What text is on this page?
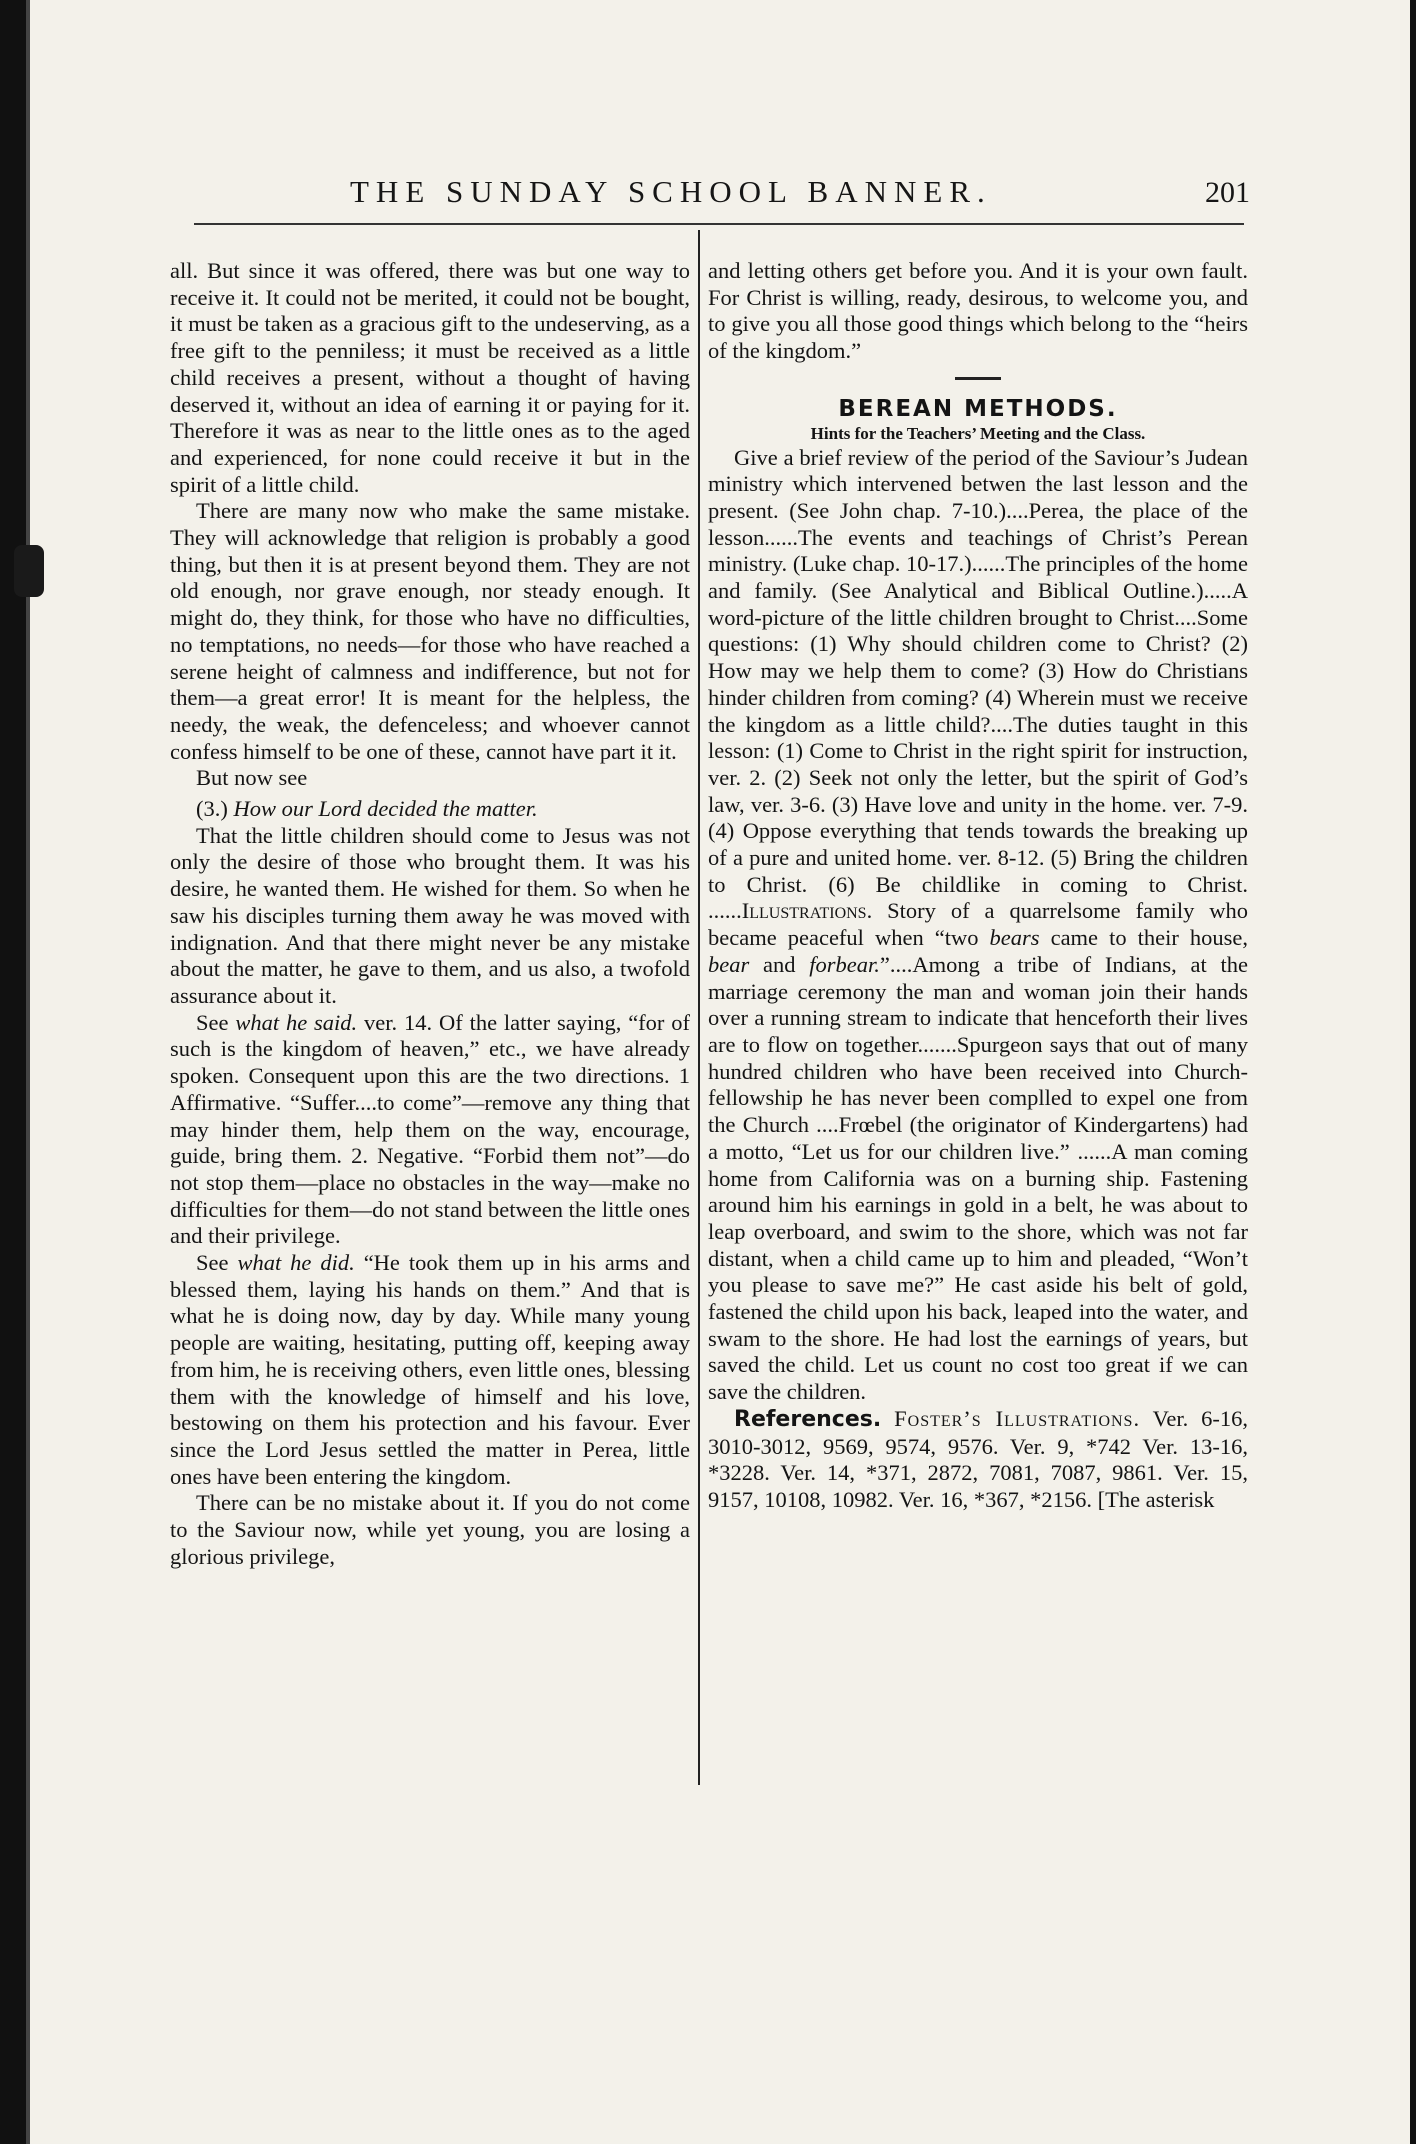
THE SUNDAY SCHOOL BANNER.	201

all. But since it was offered, there was but one way to receive it. It could not be merited, it could not be bought, it must be taken as a gracious gift to the undeserving, as a free gift to the penniless; it must be received as a little child receives a present, without a thought of having deserved it, without an idea of earning it or paying for it. Therefore it was as near to the little ones as to the aged and experienced, for none could receive it but in the spirit of a little child.

There are many now who make the same mistake. They will acknowledge that religion is probably a good thing, but then it is at present beyond them. They are not old enough, nor grave enough, nor steady enough. It might do, they think, for those who have no difficulties, no temptations, no needs—for those who have reached a serene height of calmness and indifference, but not for them—a great error! It is meant for the helpless, the needy, the weak, the defenceless; and whoever cannot confess himself to be one of these, cannot have part it it.

But now see

(3.) How our Lord decided the matter.

That the little children should come to Jesus was not only the desire of those who brought them. It was his desire, he wanted them. He wished for them. So when he saw his disciples turning them away he was moved with indignation. And that there might never be any mistake about the matter, he gave to them, and us also, a twofold assurance about it.

See what he said. ver. 14. Of the latter saying, “for of such is the kingdom of heaven,” etc., we have already spoken. Consequent upon this are the two directions. 1 Affirmative. “Suffer....to come”—remove any thing that may hinder them, help them on the way, encourage, guide, bring them. 2. Negative. “Forbid them not”—do not stop them—place no obstacles in the way—make no difficulties for them—do not stand between the little ones and their privilege.

See what he did. “He took them up in his arms and blessed them, laying his hands on them.” And that is what he is doing now, day by day. While many young people are waiting, hesitating, putting off, keeping away from him, he is receiving others, even little ones, blessing them with the knowledge of himself and his love, bestowing on them his protection and his favour. Ever since the Lord Jesus settled the matter in Perea, little ones have been entering the kingdom.

There can be no mistake about it. If you do not come to the Saviour now, while yet young, you are losing a glorious privilege,

and letting others get before you. And it is your own fault. For Christ is willing, ready, desirous, to welcome you, and to give you all those good things which belong to the “heirs of the kingdom.”

BEREAN METHODS.

Hints for the Teachers’ Meeting and the Class.

Give a brief review of the period of the Saviour’s Judean ministry which intervened betwen the last lesson and the present. (See John chap. 7-10.)....Perea, the place of the lesson......The events and teachings of Christ’s Perean ministry. (Luke chap. 10-17.)......The principles of the home and family. (See Analytical and Biblical Outline.).....A word-picture of the little children brought to Christ....Some questions: (1) Why should children come to Christ? (2) How may we help them to come? (3) How do Christians hinder children from coming? (4) Wherein must we receive the kingdom as a little child?....The duties taught in this lesson: (1) Come to Christ in the right spirit for instruction, ver. 2. (2) Seek not only the letter, but the spirit of God’s law, ver. 3-6. (3) Have love and unity in the home. ver. 7-9. (4) Oppose everything that tends towards the breaking up of a pure and united home. ver. 8-12. (5) Bring the children to Christ. (6) Be childlike in coming to Christ. ......Illustrations. Story of a quarrelsome family who became peaceful when “two bears came to their house, bear and forbear.”....Among a tribe of Indians, at the marriage ceremony the man and woman join their hands over a running stream to indicate that henceforth their lives are to flow on together.......Spurgeon says that out of many hundred children who have been received into Church-fellowship he has never been complled to expel one from the Church ....Frœbel (the originator of Kindergartens) had a motto, “Let us for our children live.” ......A man coming home from California was on a burning ship. Fastening around him his earnings in gold in a belt, he was about to leap overboard, and swim to the shore, which was not far distant, when a child came up to him and pleaded, “Won’t you please to save me?” He cast aside his belt of gold, fastened the child upon his back, leaped into the water, and swam to the shore. He had lost the earnings of years, but saved the child. Let us count no cost too great if we can save the children.

References. Foster’s Illustrations. Ver. 6-16, 3010-3012, 9569, 9574, 9576. Ver. 9, *742 Ver. 13-16, *3228. Ver. 14, *371, 2872, 7081, 7087, 9861. Ver. 15, 9157, 10108, 10982. Ver. 16, *367, *2156. [The asterisk
